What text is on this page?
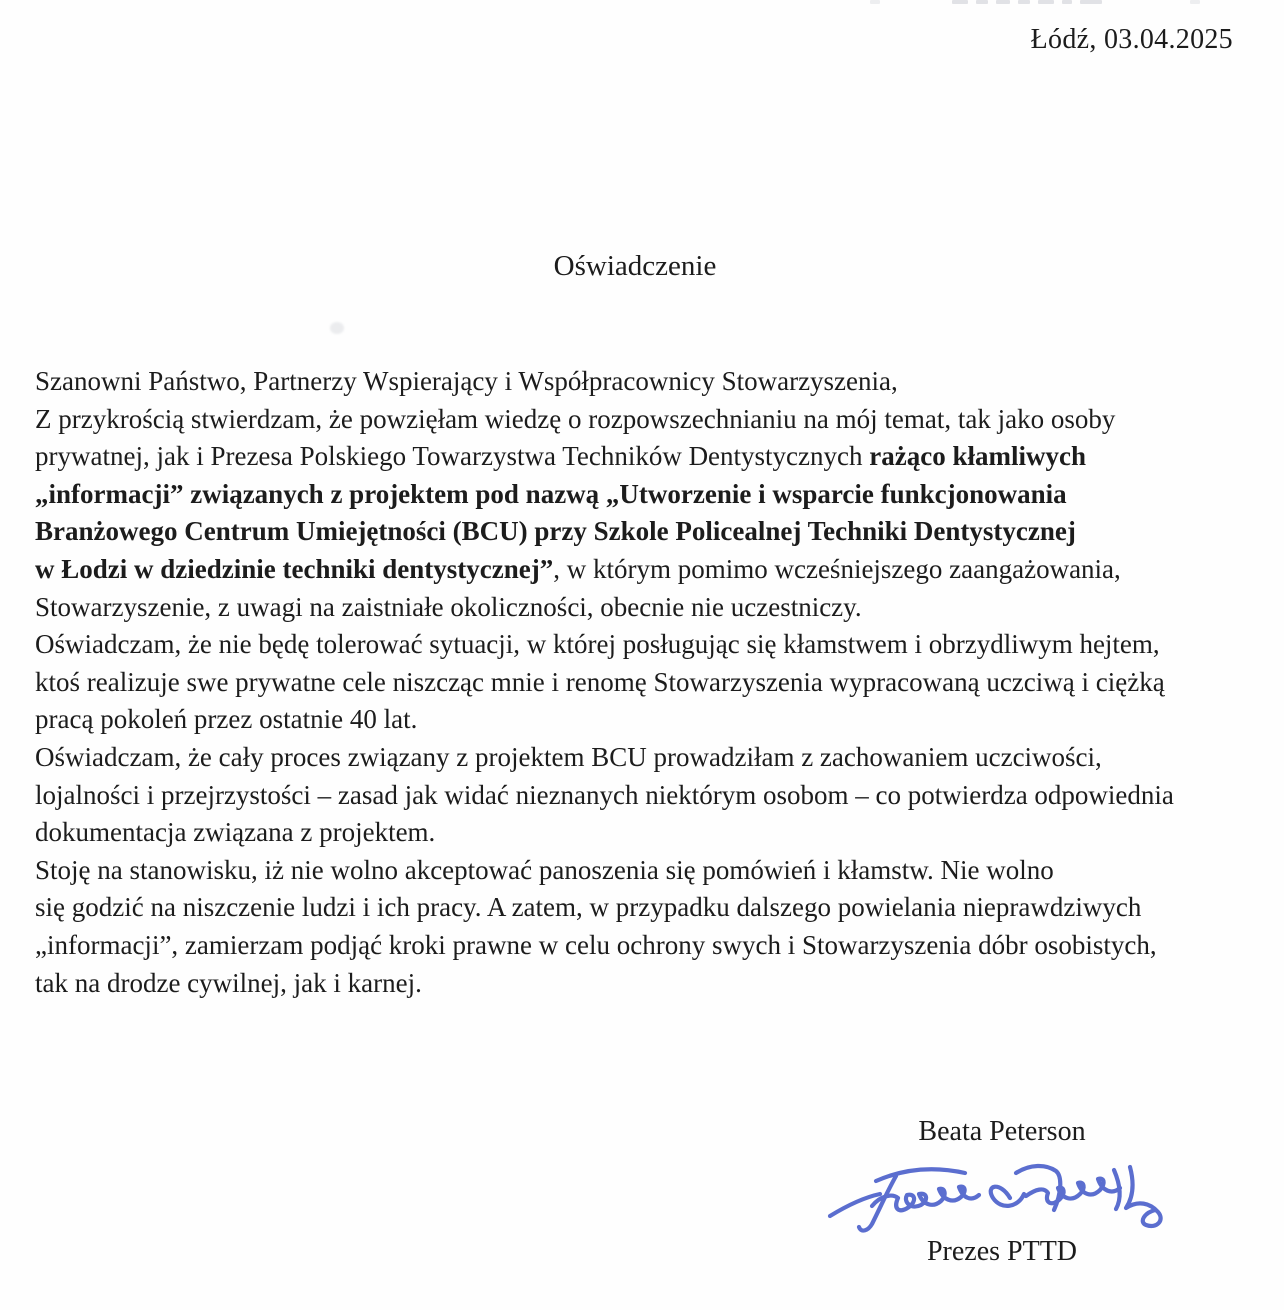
Łódź, 03.04.2025
Oświadczenie
Szanowni Państwo, Partnerzy Wspierający i Współpracownicy Stowarzyszenia,
Z przykrością stwierdzam, że powzięłam wiedzę o rozpowszechnianiu na mój temat, tak jako osoby
prywatnej, jak i Prezesa Polskiego Towarzystwa Techników Dentystycznych rażąco kłamliwych
„informacji” związanych z projektem pod nazwą „Utworzenie i wsparcie funkcjonowania
Branżowego Centrum Umiejętności (BCU) przy Szkole Policealnej Techniki Dentystycznej
w Łodzi w dziedzinie techniki dentystycznej”, w którym pomimo wcześniejszego zaangażowania,
Stowarzyszenie, z uwagi na zaistniałe okoliczności, obecnie nie uczestniczy.
Oświadczam, że nie będę tolerować sytuacji, w której posługując się kłamstwem i obrzydliwym hejtem,
ktoś realizuje swe prywatne cele niszcząc mnie i renomę Stowarzyszenia wypracowaną uczciwą i ciężką
pracą pokoleń przez ostatnie 40 lat.
Oświadczam, że cały proces związany z projektem BCU prowadziłam z zachowaniem uczciwości,
lojalności i przejrzystości – zasad jak widać nieznanych niektórym osobom – co potwierdza odpowiednia
dokumentacja związana z projektem.
Stoję na stanowisku, iż nie wolno akceptować panoszenia się pomówień i kłamstw. Nie wolno
się godzić na niszczenie ludzi i ich pracy. A zatem, w przypadku dalszego powielania nieprawdziwych
„informacji”, zamierzam podjąć kroki prawne w celu ochrony swych i Stowarzyszenia dóbr osobistych,
tak na drodze cywilnej, jak i karnej.
Beata Peterson
Prezes PTTD
